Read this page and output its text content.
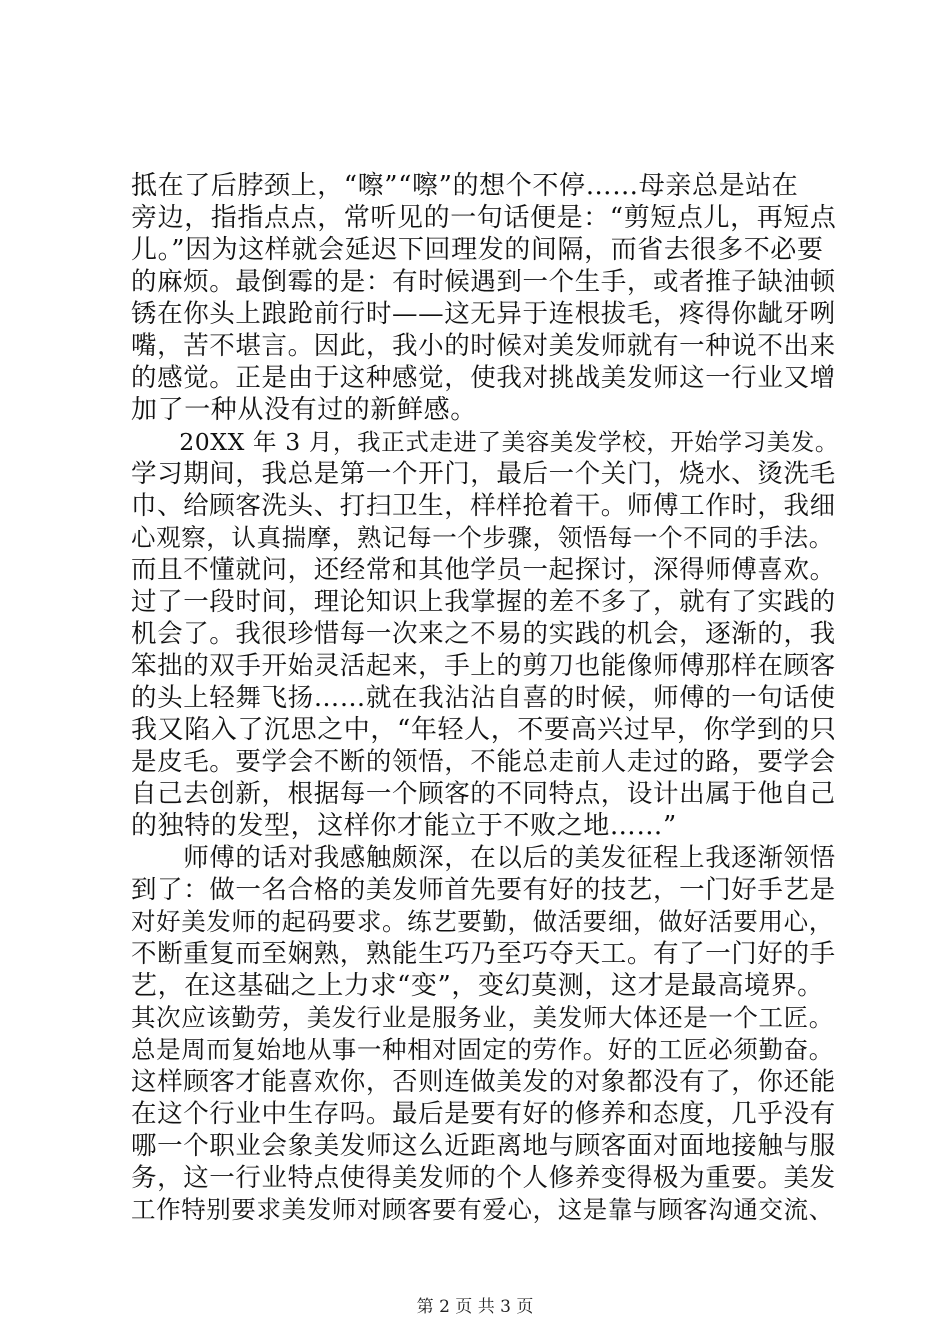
抵在了后脖颈上，“嚓”“嚓”的想个不停……母亲总是站在
旁边，指指点点，常听见的一句话便是：“剪短点儿，再短点
儿。”因为这样就会延迟下回理发的间隔，而省去很多不必要
的麻烦。最倒霉的是：有时候遇到一个生手，或者推子缺油顿
锈在你头上踉跄前行时——这无异于连根拔毛，疼得你龇牙咧
嘴，苦不堪言。因此，我小的时候对美发师就有一种说不出来
的感觉。正是由于这种感觉，使我对挑战美发师这一行业又增
加了一种从没有过的新鲜感。
　　20XX 年 3 月，我正式走进了美容美发学校，开始学习美发。
学习期间，我总是第一个开门，最后一个关门，烧水、烫洗毛
巾、给顾客洗头、打扫卫生，样样抢着干。师傅工作时，我细
心观察，认真揣摩，熟记每一个步骤，领悟每一个不同的手法。
而且不懂就问，还经常和其他学员一起探讨，深得师傅喜欢。
过了一段时间，理论知识上我掌握的差不多了，就有了实践的
机会了。我很珍惜每一次来之不易的实践的机会，逐渐的，我
笨拙的双手开始灵活起来，手上的剪刀也能像师傅那样在顾客
的头上轻舞飞扬……就在我沾沾自喜的时候，师傅的一句话使
我又陷入了沉思之中，“年轻人，不要高兴过早，你学到的只
是皮毛。要学会不断的领悟，不能总走前人走过的路，要学会
自己去创新，根据每一个顾客的不同特点，设计出属于他自己
的独特的发型，这样你才能立于不败之地……”
　　师傅的话对我感触颇深，在以后的美发征程上我逐渐领悟
到了：做一名合格的美发师首先要有好的技艺，一门好手艺是
对好美发师的起码要求。练艺要勤，做活要细，做好活要用心，
不断重复而至娴熟，熟能生巧乃至巧夺天工。有了一门好的手
艺，在这基础之上力求“变”，变幻莫测，这才是最高境界。
其次应该勤劳，美发行业是服务业，美发师大体还是一个工匠。
总是周而复始地从事一种相对固定的劳作。好的工匠必须勤奋。
这样顾客才能喜欢你，否则连做美发的对象都没有了，你还能
在这个行业中生存吗。最后是要有好的修养和态度，几乎没有
哪一个职业会象美发师这么近距离地与顾客面对面地接触与服
务，这一行业特点使得美发师的个人修养变得极为重要。美发
工作特别要求美发师对顾客要有爱心，这是靠与顾客沟通交流、
第 2 页 共 3 页
